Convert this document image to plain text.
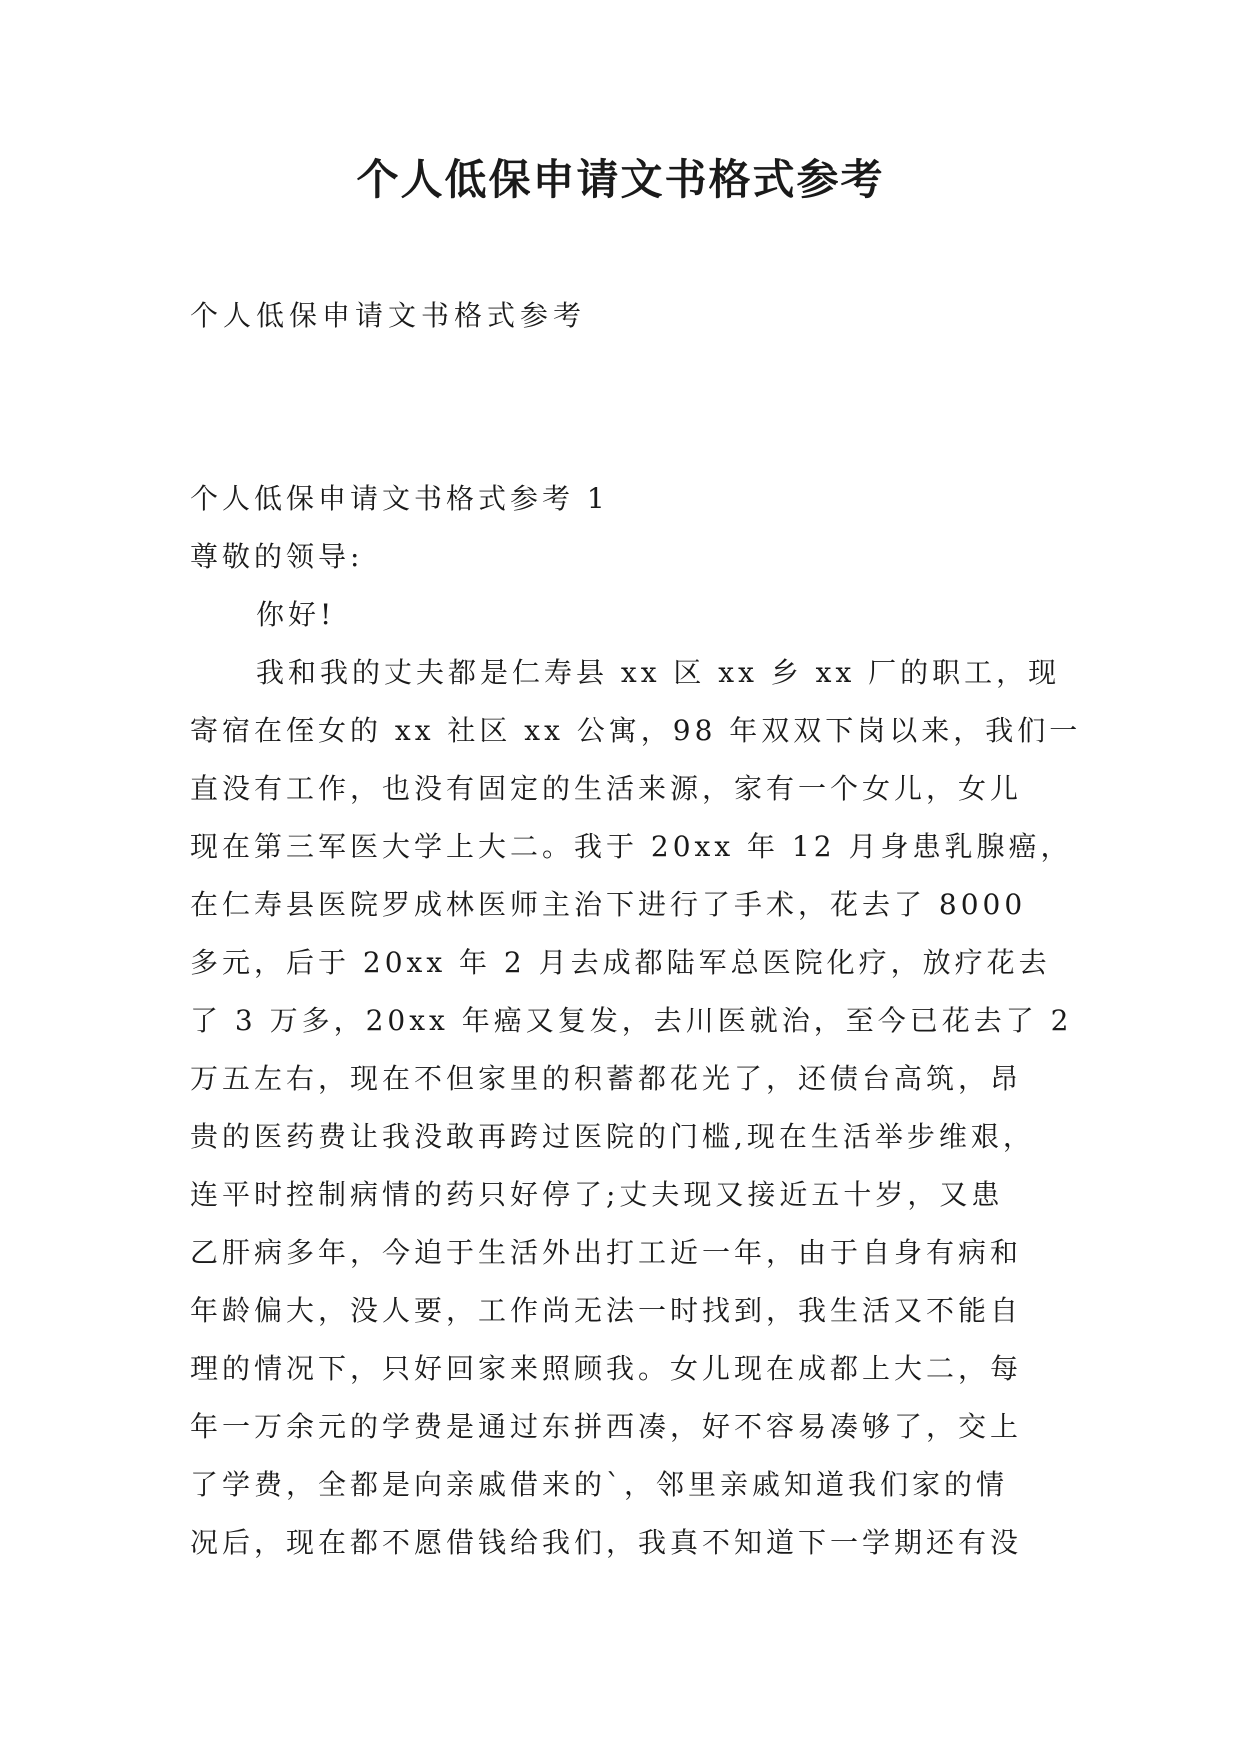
个人低保申请文书格式参考

个人低保申请文书格式参考

个人低保申请文书格式参考 1

尊敬的领导:

你好!

我和我的丈夫都是仁寿县 xx 区 xx 乡 xx 厂的职工，现
寄宿在侄女的 xx 社区 xx 公寓，98 年双双下岗以来，我们一
直没有工作，也没有固定的生活来源，家有一个女儿，女儿
现在第三军医大学上大二。我于 20xx 年 12 月身患乳腺癌，
在仁寿县医院罗成林医师主治下进行了手术，花去了 8000
多元，后于 20xx 年 2 月去成都陆军总医院化疗，放疗花去
了 3 万多，20xx 年癌又复发，去川医就治，至今已花去了 2
万五左右，现在不但家里的积蓄都花光了，还债台高筑，昂
贵的医药费让我没敢再跨过医院的门槛,现在生活举步维艰，
连平时控制病情的药只好停了;丈夫现又接近五十岁，又患
乙肝病多年，今迫于生活外出打工近一年，由于自身有病和
年龄偏大，没人要，工作尚无法一时找到，我生活又不能自
理的情况下，只好回家来照顾我。女儿现在成都上大二，每
年一万余元的学费是通过东拼西凑，好不容易凑够了，交上
了学费，全都是向亲戚借来的`，邻里亲戚知道我们家的情
况后，现在都不愿借钱给我们，我真不知道下一学期还有没
